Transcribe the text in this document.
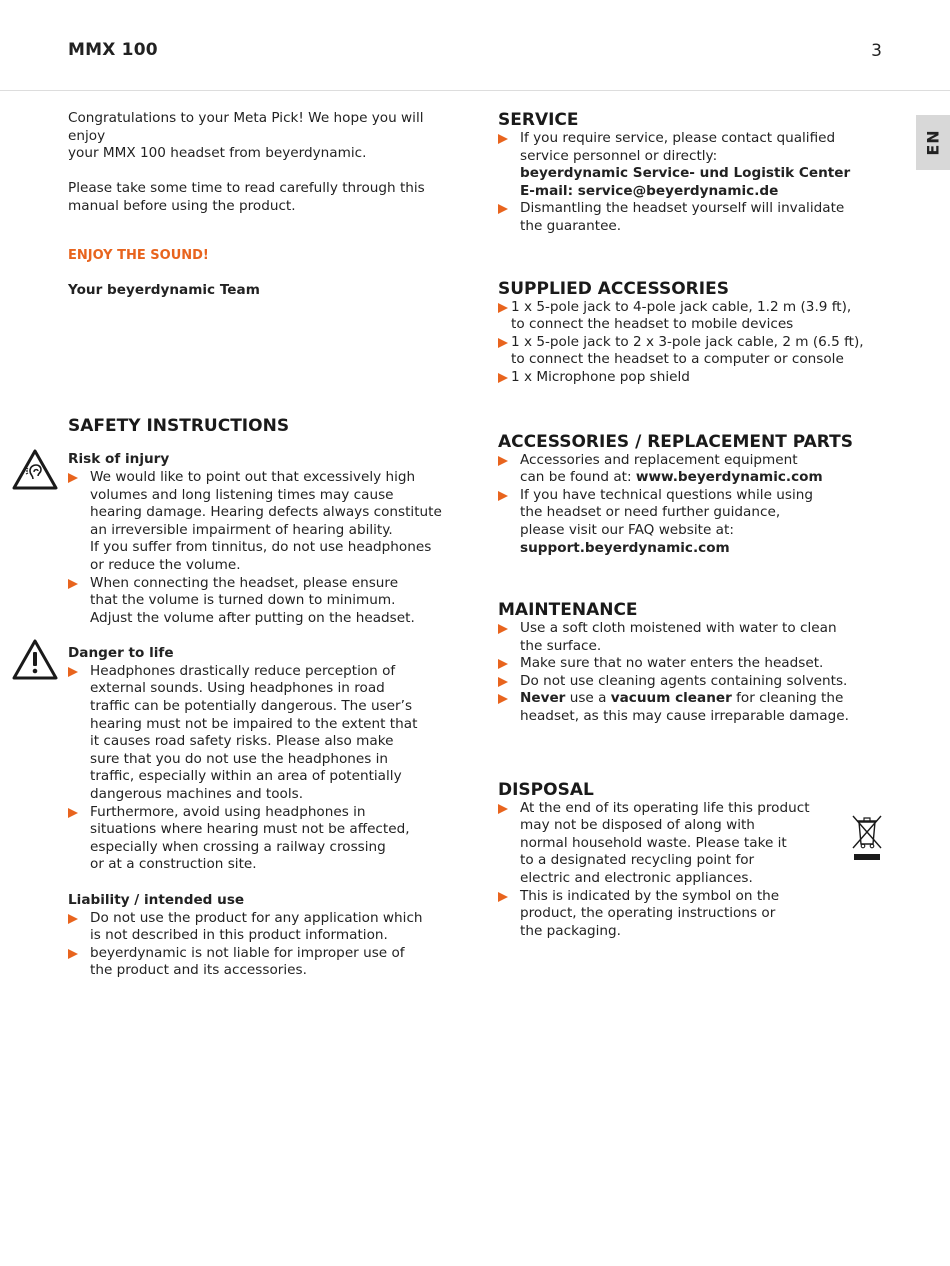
MMX 100	3
EN

Congratulations to your Meta Pick! We hope you will enjoy
your MMX 100 headset from beyerdynamic.

Please take some time to read carefully through this
manual before using the product.

ENJOY THE SOUND!

Your beyerdynamic Team

SAFETY INSTRUCTIONS
Risk of injury
We would like to point out that excessively high
volumes and long listening times may cause
hearing damage. Hearing defects always constitute
an irreversible impairment of hearing ability.
If you suffer from tinnitus, do not use headphones
or reduce the volume.
When connecting the headset, please ensure
that the volume is turned down to minimum.
Adjust the volume after putting on the headset.
Danger to life
Headphones drastically reduce perception of
external sounds. Using headphones in road
traffic can be potentially dangerous. The user’s
hearing must not be impaired to the extent that
it causes road safety risks. Please also make
sure that you do not use the headphones in
traffic, especially within an area of potentially
dangerous machines and tools.
Furthermore, avoid using headphones in
situations where hearing must not be affected,
especially when crossing a railway crossing
or at a construction site.
Liability / intended use
Do not use the product for any application which
is not described in this product information.
beyerdynamic is not liable for improper use of
the product and its accessories.
SERVICE
If you require service, please contact qualified
service personnel or directly:
beyerdynamic Service- und Logistik Center
E-mail: service@beyerdynamic.de
Dismantling the headset yourself will invalidate
the guarantee.
SUPPLIED ACCESSORIES
1 x 5-pole jack to 4-pole jack cable, 1.2 m (3.9 ft),
to connect the headset to mobile devices
1 x 5-pole jack to 2 x 3-pole jack cable, 2 m (6.5 ft),
to connect the headset to a computer or console
1 x Microphone pop shield
ACCESSORIES / REPLACEMENT PARTS
Accessories and replacement equipment
can be found at: www.beyerdynamic.com
If you have technical questions while using
the headset or need further guidance,
please visit our FAQ website at:
support.beyerdynamic.com
MAINTENANCE
Use a soft cloth moistened with water to clean
the surface.
Make sure that no water enters the headset.
Do not use cleaning agents containing solvents.
Never use a vacuum cleaner for cleaning the
headset, as this may cause irreparable damage.
DISPOSAL
At the end of its operating life this product
may not be disposed of along with
normal household waste. Please take it
to a designated recycling point for
electric and electronic appliances.
This is indicated by the symbol on the
product, the operating instructions or
the packaging.
